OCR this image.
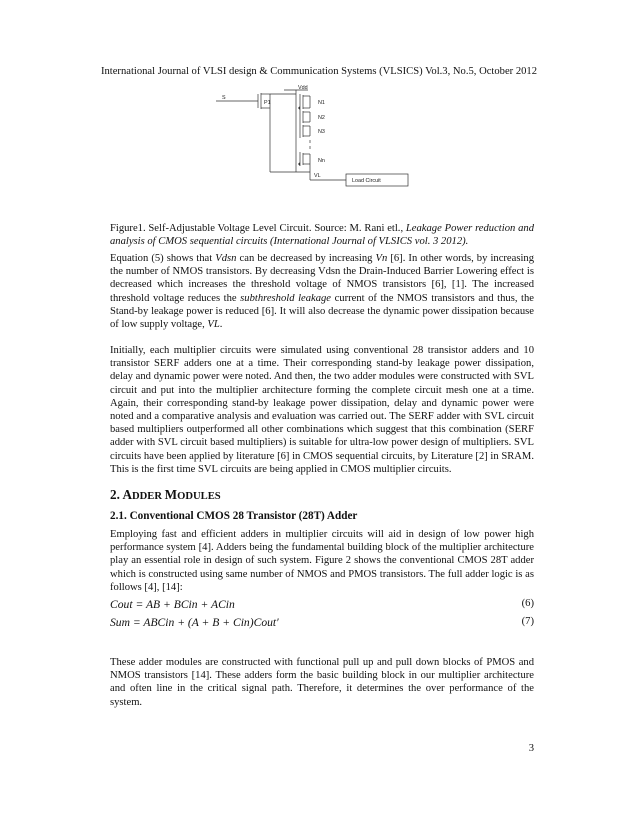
International Journal of VLSI design & Communication Systems (VLSICS) Vol.3, No.5, October 2012
Vdd
S
P1	N1
N2
N3
Nn
VL
Load Circuit

Figure1. Self-Adjustable Voltage Level Circuit. Source: M. Rani etl., Leakage Power reduction and analysis of CMOS sequential circuits (International Journal of VLSICS vol. 3 2012).

Equation (5) shows that Vdsn can be decreased by increasing Vn [6]. In other words, by increasing the number of NMOS transistors. By decreasing Vdsn the Drain-Induced Barrier Lowering effect is decreased which increases the threshold voltage of NMOS transistors [6], [1]. The increased threshold voltage reduces the subthreshold leakage current of the NMOS transistors and thus, the Stand-by leakage power is reduced [6]. It will also decrease the dynamic power dissipation because of low supply voltage, VL.

Initially, each multiplier circuits were simulated using conventional 28 transistor adders and 10 transistor SERF adders one at a time. Their corresponding stand-by leakage power dissipation, delay and dynamic power were noted. And then, the two adder modules were constructed with SVL circuit and put into the multiplier architecture forming the complete circuit mesh one at a time. Again, their corresponding stand-by leakage power dissipation, delay and dynamic power were noted and a comparative analysis and evaluation was carried out. The SERF adder with SVL circuit based multipliers outperformed all other combinations which suggest that this combination (SERF adder with SVL circuit based multipliers) is suitable for ultra-low power design of multipliers. SVL circuits have been applied by literature [6] in CMOS sequential circuits, by Literature [2] in SRAM. This is the first time SVL circuits are being applied in CMOS multiplier circuits.

2. ADDER MODULES
2.1. Conventional CMOS 28 Transistor (28T) Adder

Employing fast and efficient adders in multiplier circuits will aid in design of low power high performance system [4]. Adders being the fundamental building block of the multiplier architecture play an essential role in design of such system. Figure 2 shows the conventional CMOS 28T adder which is constructed using same number of NMOS and PMOS transistors. The full adder logic is as follows [4], [14]:

Cout = AB + BCin + ACin	(6)
Sum = ABCin + (A + B + Cin)Cout′	(7)

These adder modules are constructed with functional pull up and pull down blocks of PMOS and NMOS transistors [14]. These adders form the basic building block in our multiplier architecture and often line in the critical signal path. Therefore, it determines the over performance of the system.

3
